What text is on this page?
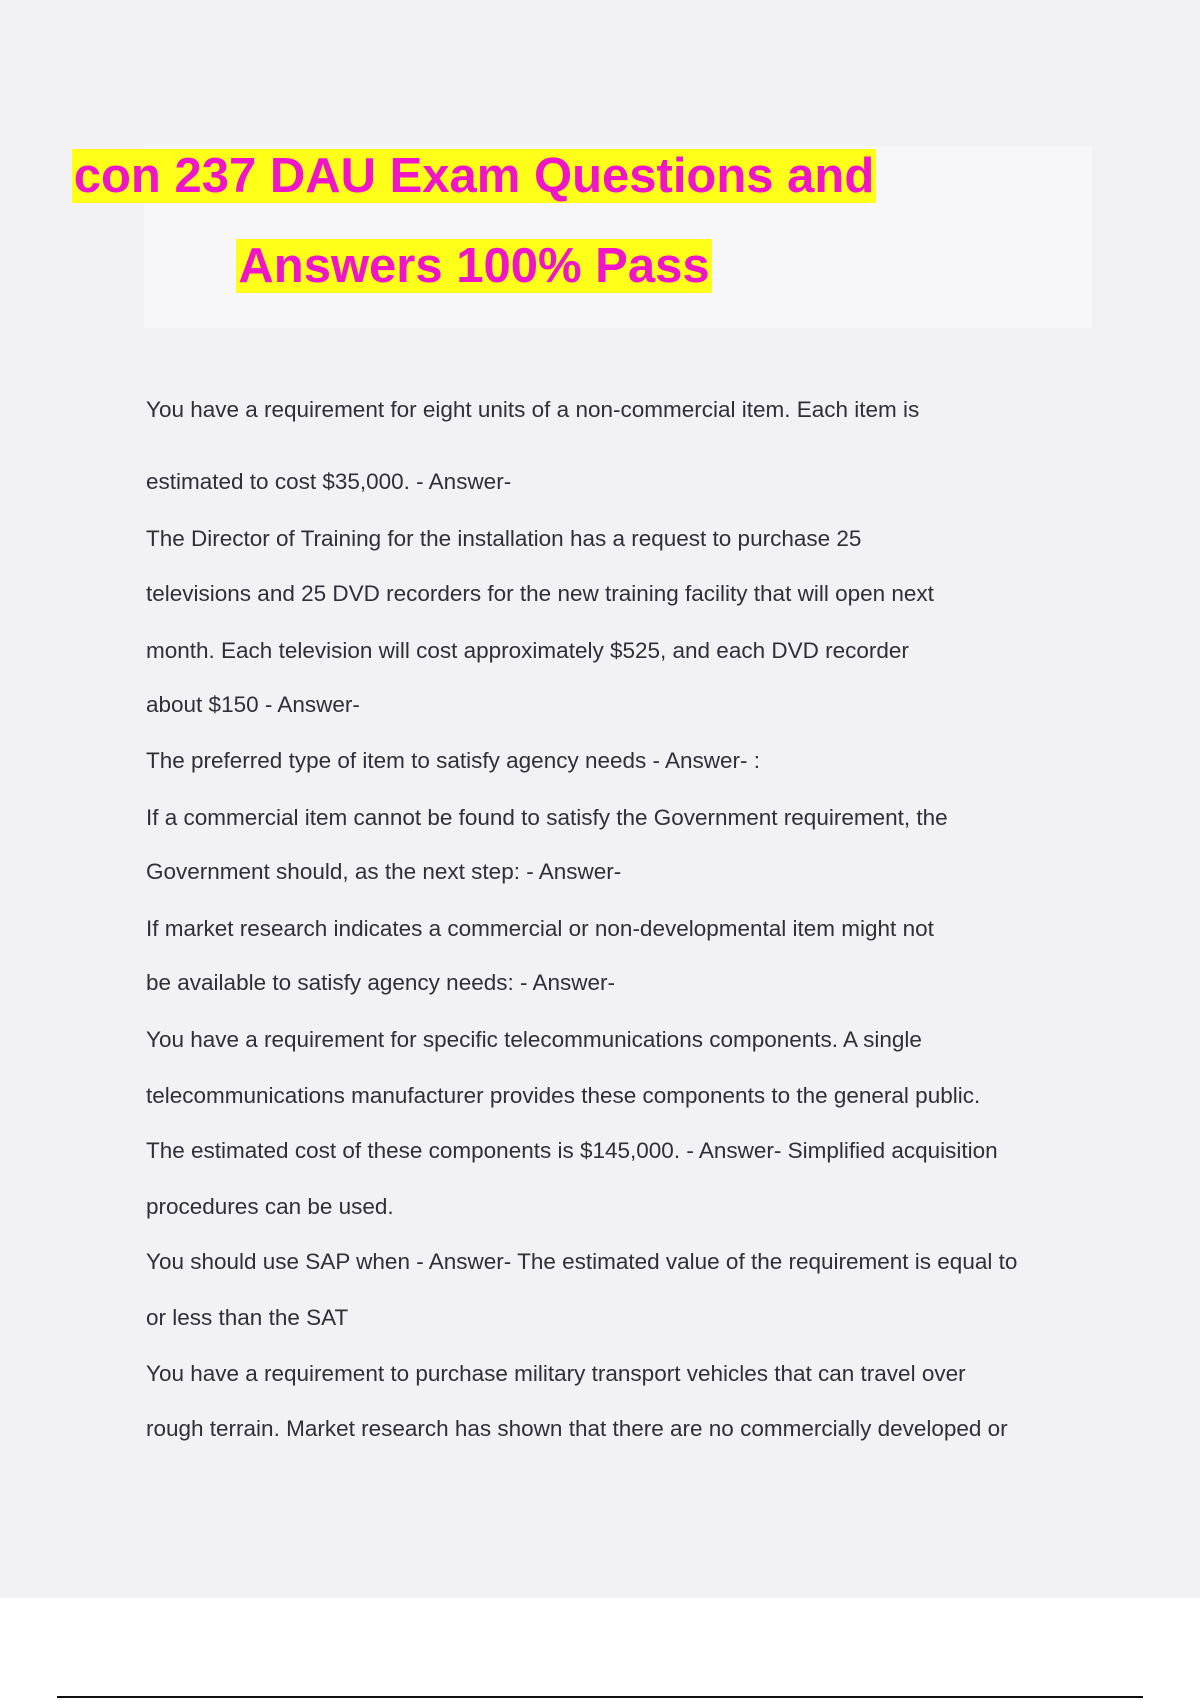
con 237 DAU Exam Questions and
Answers 100% Pass
You have a requirement for eight units of a non-commercial item. Each item is
estimated to cost $35,000. - Answer-
The Director of Training for the installation has a request to purchase 25
televisions and 25 DVD recorders for the new training facility that will open next
month. Each television will cost approximately $525, and each DVD recorder
about $150 - Answer-
The preferred type of item to satisfy agency needs - Answer- :
If a commercial item cannot be found to satisfy the Government requirement, the
Government should, as the next step: - Answer-
If market research indicates a commercial or non-developmental item might not
be available to satisfy agency needs: - Answer-
You have a requirement for specific telecommunications components. A single
telecommunications manufacturer provides these components to the general public.
The estimated cost of these components is $145,000. - Answer- Simplified acquisition
procedures can be used.
You should use SAP when - Answer- The estimated value of the requirement is equal to
or less than the SAT
You have a requirement to purchase military transport vehicles that can travel over
rough terrain. Market research has shown that there are no commercially developed or
